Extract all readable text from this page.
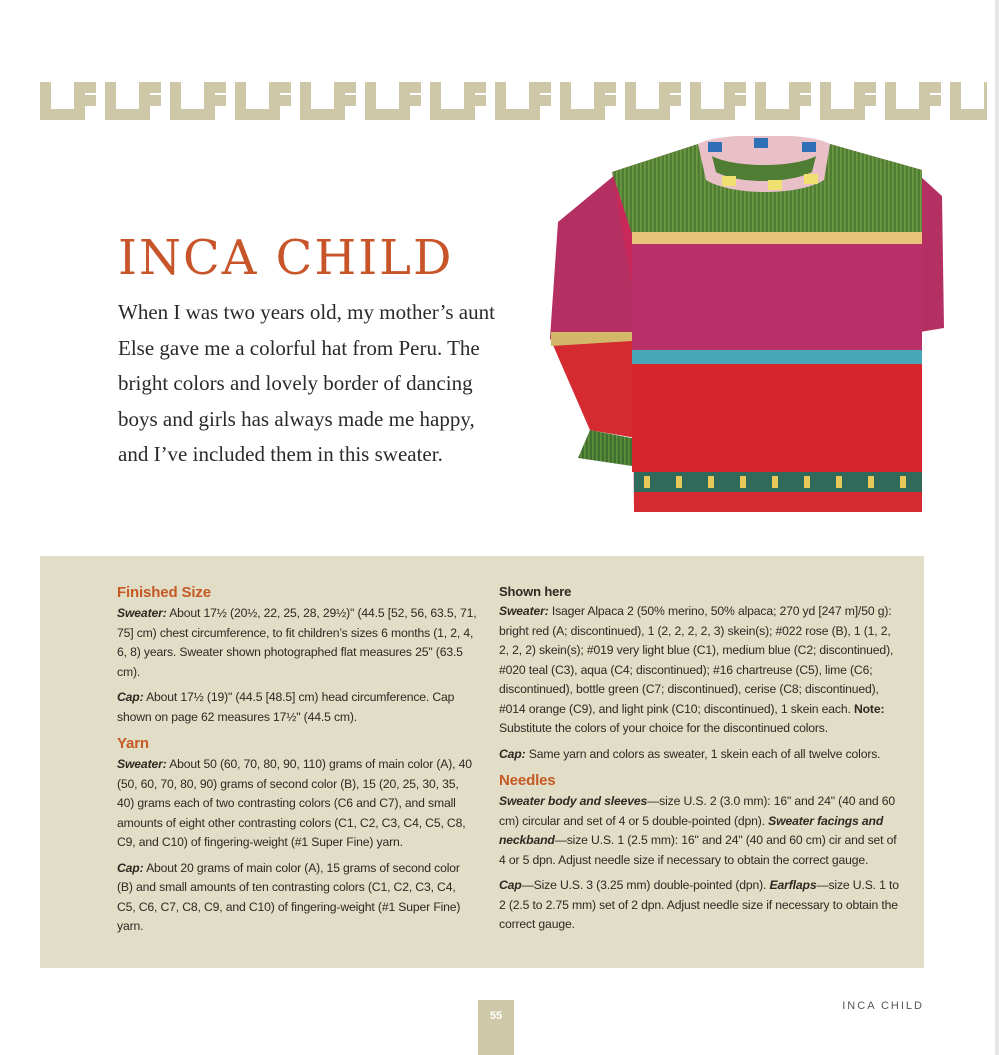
INCA CHILD

When I was two years old, my mother’s aunt Else gave me a colorful hat from Peru. The bright colors and lovely border of dancing boys and girls has always made me happy, and I’ve included them in this sweater.

Finished Size

Sweater: About 17½ (20½, 22, 25, 28, 29½)" (44.5 [52, 56, 63.5, 71, 75] cm) chest circumference, to fit children’s sizes 6 months (1, 2, 4, 6, 8) years. Sweater shown photographed flat measures 25" (63.5 cm).

Cap: About 17½ (19)" (44.5 [48.5] cm) head circumference. Cap shown on page 62 measures 17½" (44.5 cm).

Yarn

Sweater: About 50 (60, 70, 80, 90, 110) grams of main color (A), 40 (50, 60, 70, 80, 90) grams of second color (B), 15 (20, 25, 30, 35, 40) grams each of two contrasting colors (C6 and C7), and small amounts of eight other contrasting colors (C1, C2, C3, C4, C5, C8, C9, and C10) of fingering-weight (#1 Super Fine) yarn.

Cap: About 20 grams of main color (A), 15 grams of second color (B) and small amounts of ten contrasting colors (C1, C2, C3, C4, C5, C6, C7, C8, C9, and C10) of fingering-weight (#1 Super Fine) yarn.

Shown here

Sweater: Isager Alpaca 2 (50% merino, 50% alpaca; 270 yd [247 m]/50 g): bright red (A; discontinued), 1 (2, 2, 2, 2, 3) skein(s); #022 rose (B), 1 (1, 2, 2, 2, 2) skein(s); #019 very light blue (C1), medium blue (C2; discontinued), #020 teal (C3), aqua (C4; discontinued); #16 chartreuse (C5), lime (C6; discontinued), bottle green (C7; discontinued), cerise (C8; discontinued), #014 orange (C9), and light pink (C10; discontinued), 1 skein each. Note: Substitute the colors of your choice for the discontinued colors.

Cap: Same yarn and colors as sweater, 1 skein each of all twelve colors.

Needles

Sweater body and sleeves—size U.S. 2 (3.0 mm): 16" and 24" (40 and 60 cm) circular and set of 4 or 5 double-pointed (dpn). Sweater facings and neckband—size U.S. 1 (2.5 mm): 16" and 24" (40 and 60 cm) cir and set of 4 or 5 dpn. Adjust needle size if necessary to obtain the correct gauge.

Cap—Size U.S. 3 (3.25 mm) double-pointed (dpn). Earflaps—size U.S. 1 to 2 (2.5 to 2.75 mm) set of 2 dpn. Adjust needle size if necessary to obtain the correct gauge.

55
INCA CHILD
